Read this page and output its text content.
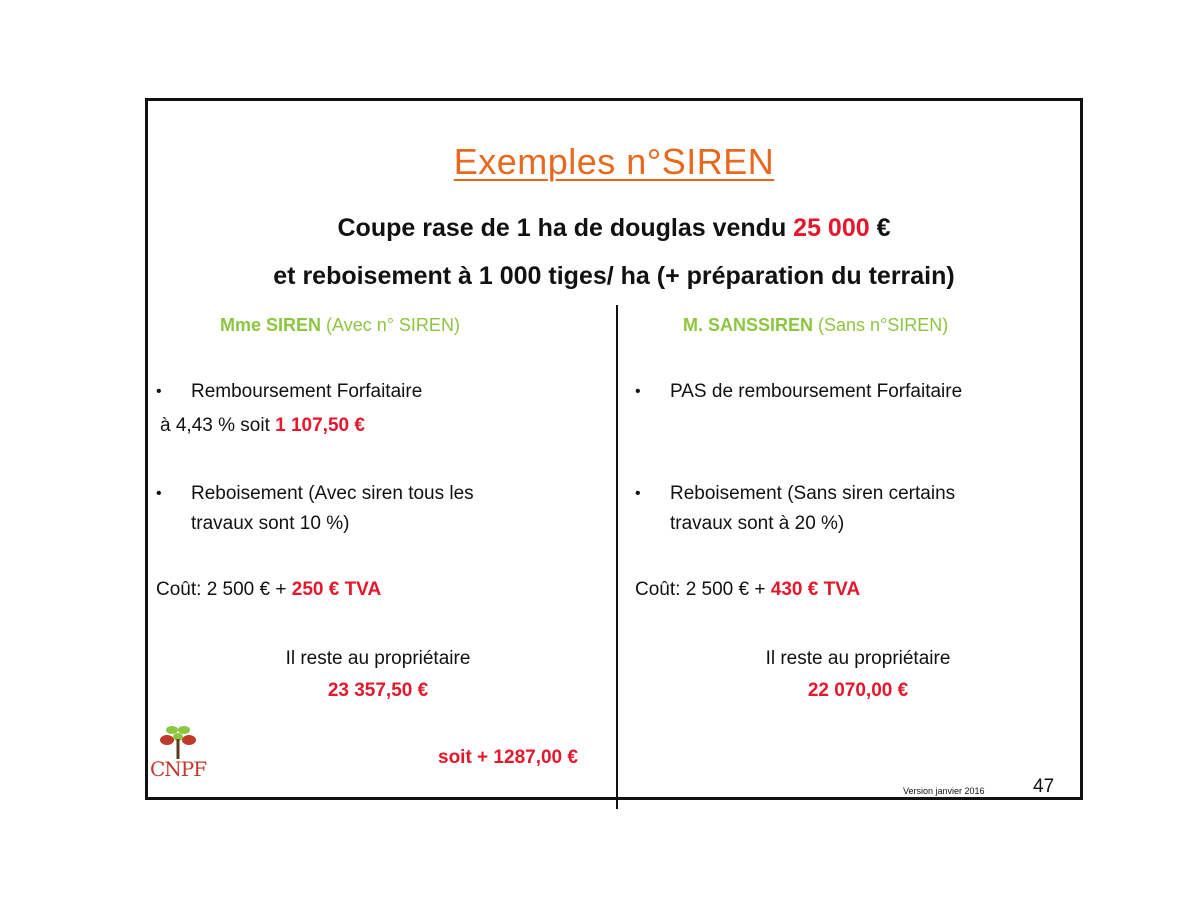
Exemples n°SIREN
Coupe rase de 1 ha de douglas vendu 25 000 €
et reboisement à 1 000 tiges/ ha (+ préparation du terrain)
Mme SIREN (Avec n° SIREN)
• Remboursement Forfaitaire
à 4,43 % soit 1 107,50 €
• Reboisement (Avec siren tous les
travaux sont 10 %)
Coût: 2 500 € + 250 € TVA
Il reste au propriétaire
23 357,50 €
soit + 1287,00 €
M. SANSSIREN (Sans n°SIREN)
• PAS de remboursement Forfaitaire
• Reboisement (Sans siren certains
travaux sont à 20 %)
Coût: 2 500 € + 430 € TVA
Il reste au propriétaire
22 070,00 €
CNPF
Version janvier 2016	47
